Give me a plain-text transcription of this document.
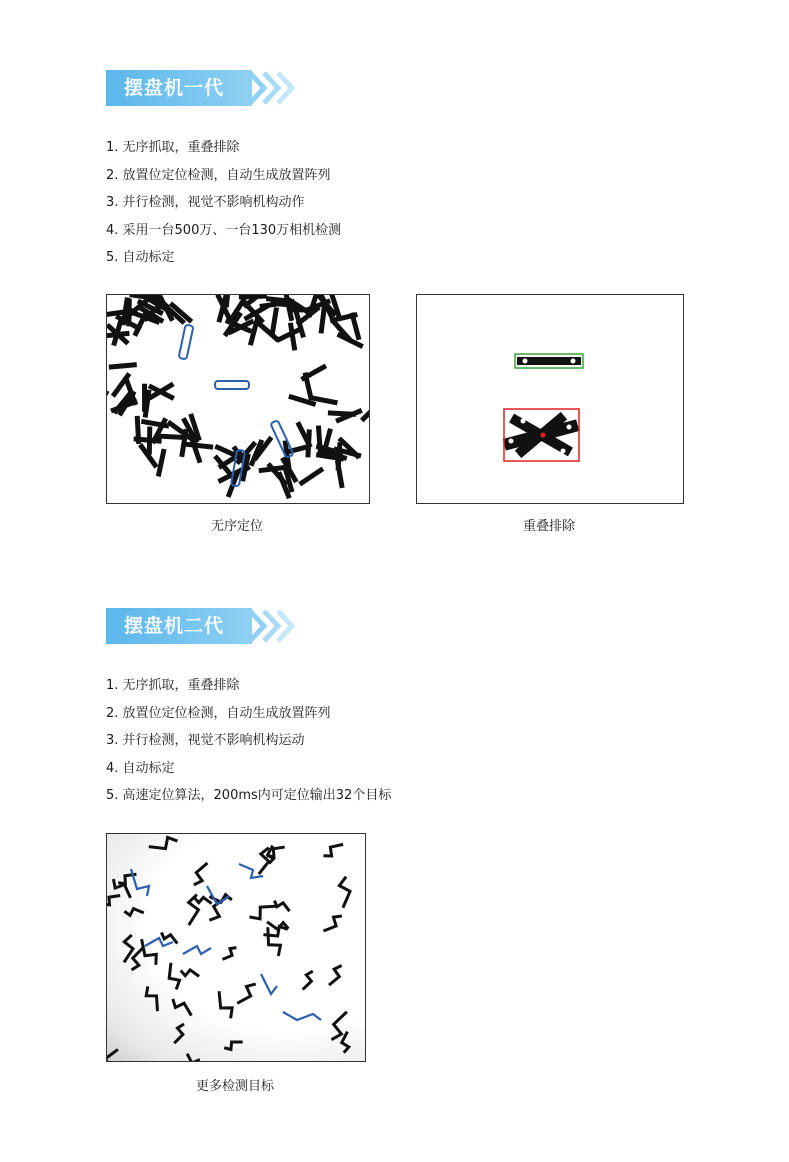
摆盘机一代
1. 无序抓取，重叠排除
2. 放置位定位检测，自动生成放置阵列
3. 并行检测，视觉不影响机构动作
4. 采用一台500万、一台130万相机检测
5. 自动标定
无序定位	重叠排除
摆盘机二代
1. 无序抓取，重叠排除
2. 放置位定位检测，自动生成放置阵列
3. 并行检测，视觉不影响机构运动
4. 自动标定
5. 高速定位算法，200ms内可定位输出32个目标
更多检测目标
